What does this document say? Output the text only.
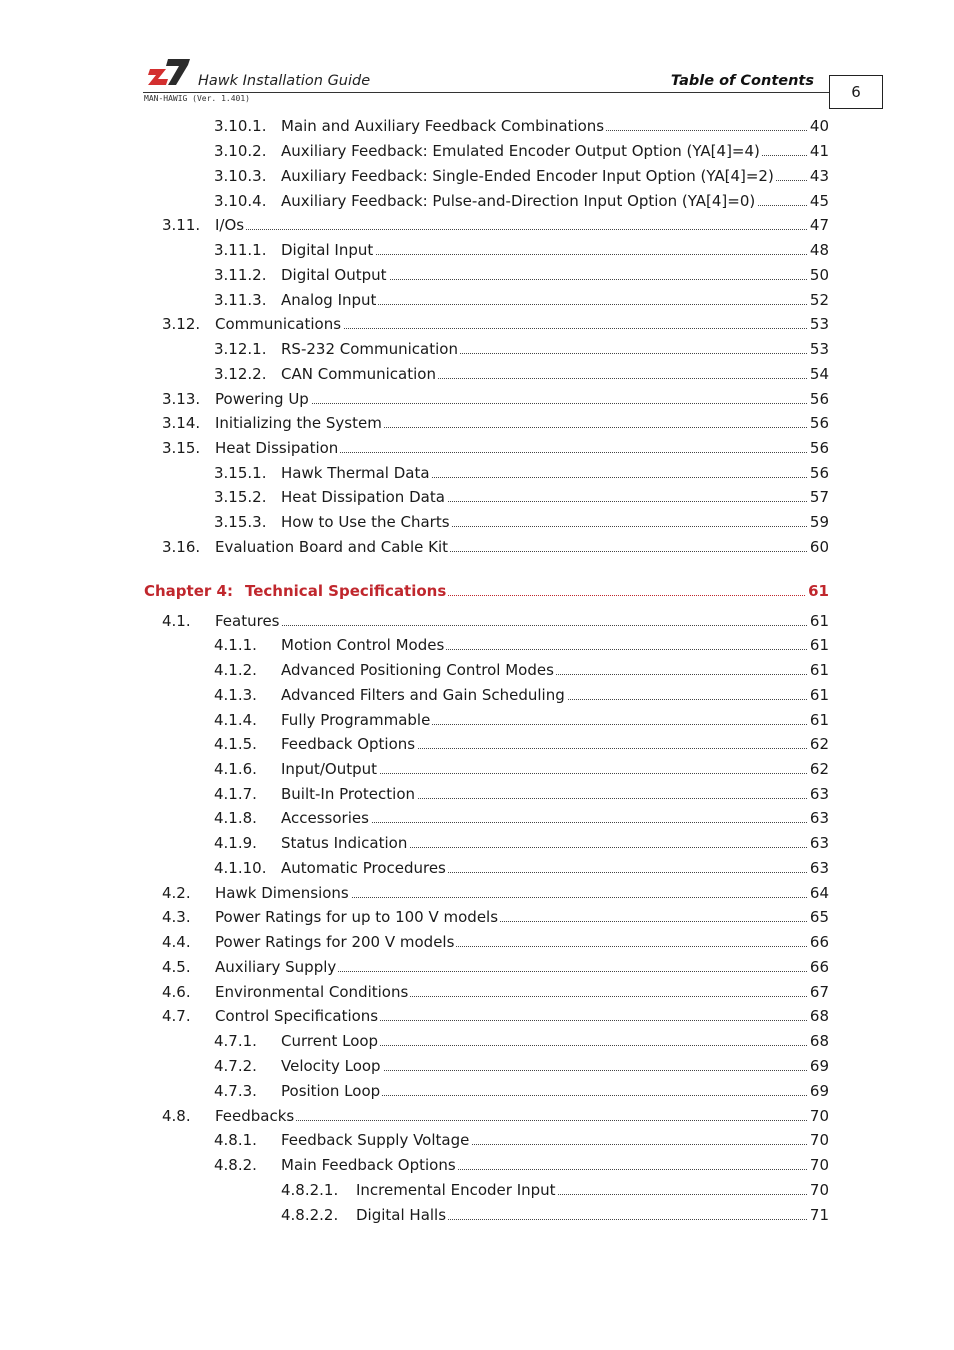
Hawk Installation Guide	Table of Contents
MAN-HAWIG (Ver. 1.401)	6
3.10.1. Main and Auxiliary Feedback Combinations	40
3.10.2. Auxiliary Feedback: Emulated Encoder Output Option (YA[4]=4)	41
3.10.3. Auxiliary Feedback: Single-Ended Encoder Input Option (YA[4]=2) 43
3.10.4. Auxiliary Feedback: Pulse-and-Direction Input Option (YA[4]=0)	45
3.11. I/Os	47
3.11.1. Digital Input	48
3.11.2. Digital Output	50
3.11.3. Analog Input	52
3.12. Communications	53
3.12.1. RS-232 Communication	53
3.12.2. CAN Communication	54
3.13. Powering Up	56
3.14. Initializing the System	56
3.15. Heat Dissipation	56
3.15.1. Hawk Thermal Data	56
3.15.2. Heat Dissipation Data	57
3.15.3. How to Use the Charts	59
3.16. Evaluation Board and Cable Kit	60
Chapter 4: Technical Specifications	61
4.1. Features	61
4.1.1. Motion Control Modes	61
4.1.2. Advanced Positioning Control Modes	61
4.1.3. Advanced Filters and Gain Scheduling	61
4.1.4. Fully Programmable	61
4.1.5. Feedback Options	62
4.1.6. Input/Output	62
4.1.7. Built-In Protection	63
4.1.8. Accessories	63
4.1.9. Status Indication	63
4.1.10. Automatic Procedures	63
4.2. Hawk Dimensions	64
4.3. Power Ratings for up to 100 V models	65
4.4. Power Ratings for 200 V models	66
4.5. Auxiliary Supply	66
4.6. Environmental Conditions	67
4.7. Control Specifications	68
4.7.1. Current Loop	68
4.7.2. Velocity Loop	69
4.7.3. Position Loop	69
4.8. Feedbacks	70
4.8.1. Feedback Supply Voltage	70
4.8.2. Main Feedback Options	70
4.8.2.1. Incremental Encoder Input	70
4.8.2.2. Digital Halls	71
